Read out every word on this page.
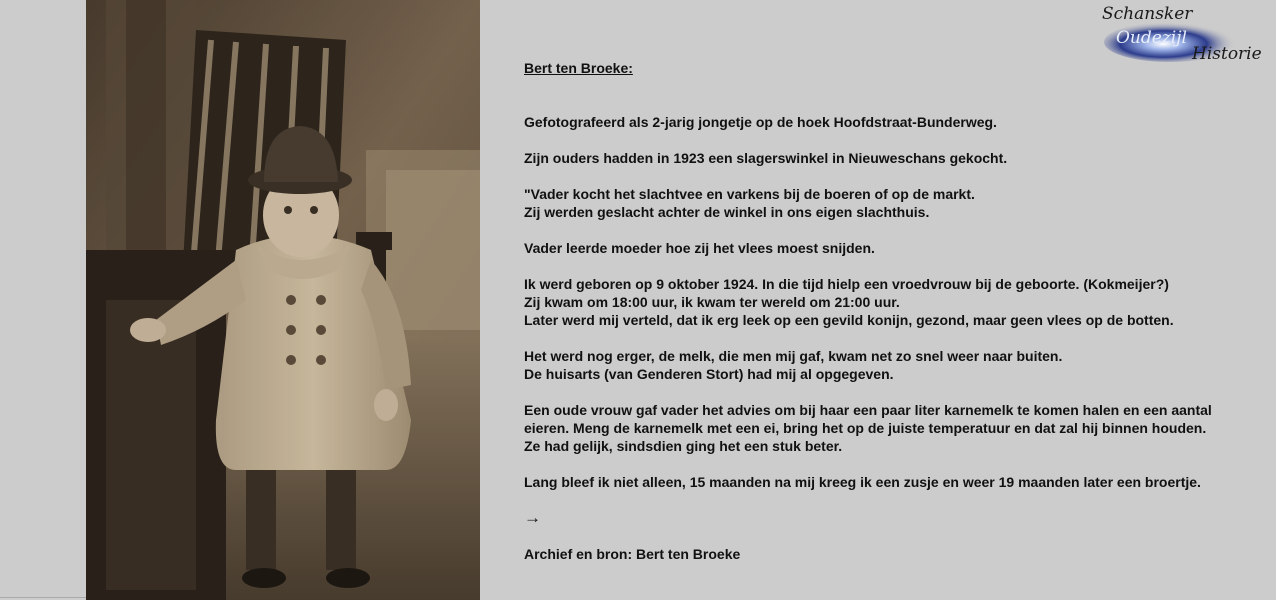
Schansker
Oudezijl
Historie

Bert ten Broeke:

Gefotografeerd als 2-jarig jongetje op de hoek Hoofdstraat-Bunderweg.

Zijn ouders hadden in 1923 een slagerswinkel in Nieuweschans gekocht.

"Vader kocht het slachtvee en varkens bij de boeren of op de markt.
Zij werden geslacht achter de winkel in ons eigen slachthuis.

Vader leerde moeder hoe zij het vlees moest snijden.

Ik werd geboren op 9 oktober 1924. In die tijd hielp een vroedvrouw bij de geboorte. (Kokmeijer?)
Zij kwam om 18:00 uur, ik kwam ter wereld om 21:00 uur.
Later werd mij verteld, dat ik erg leek op een gevild konijn, gezond, maar geen vlees op de botten.

Het werd nog erger, de melk, die men mij gaf, kwam net zo snel weer naar buiten.
De huisarts (van Genderen Stort) had mij al opgegeven.

Een oude vrouw gaf vader het advies om bij haar een paar liter karnemelk te komen halen en een aantal eieren. Meng de karnemelk met een ei, bring het op de juiste temperatuur en dat zal hij binnen houden.
Ze had gelijk, sindsdien ging het een stuk beter.

Lang bleef ik niet alleen, 15 maanden na mij kreeg ik een zusje en weer 19 maanden later een broertje.

→

Archief en bron: Bert ten Broeke
